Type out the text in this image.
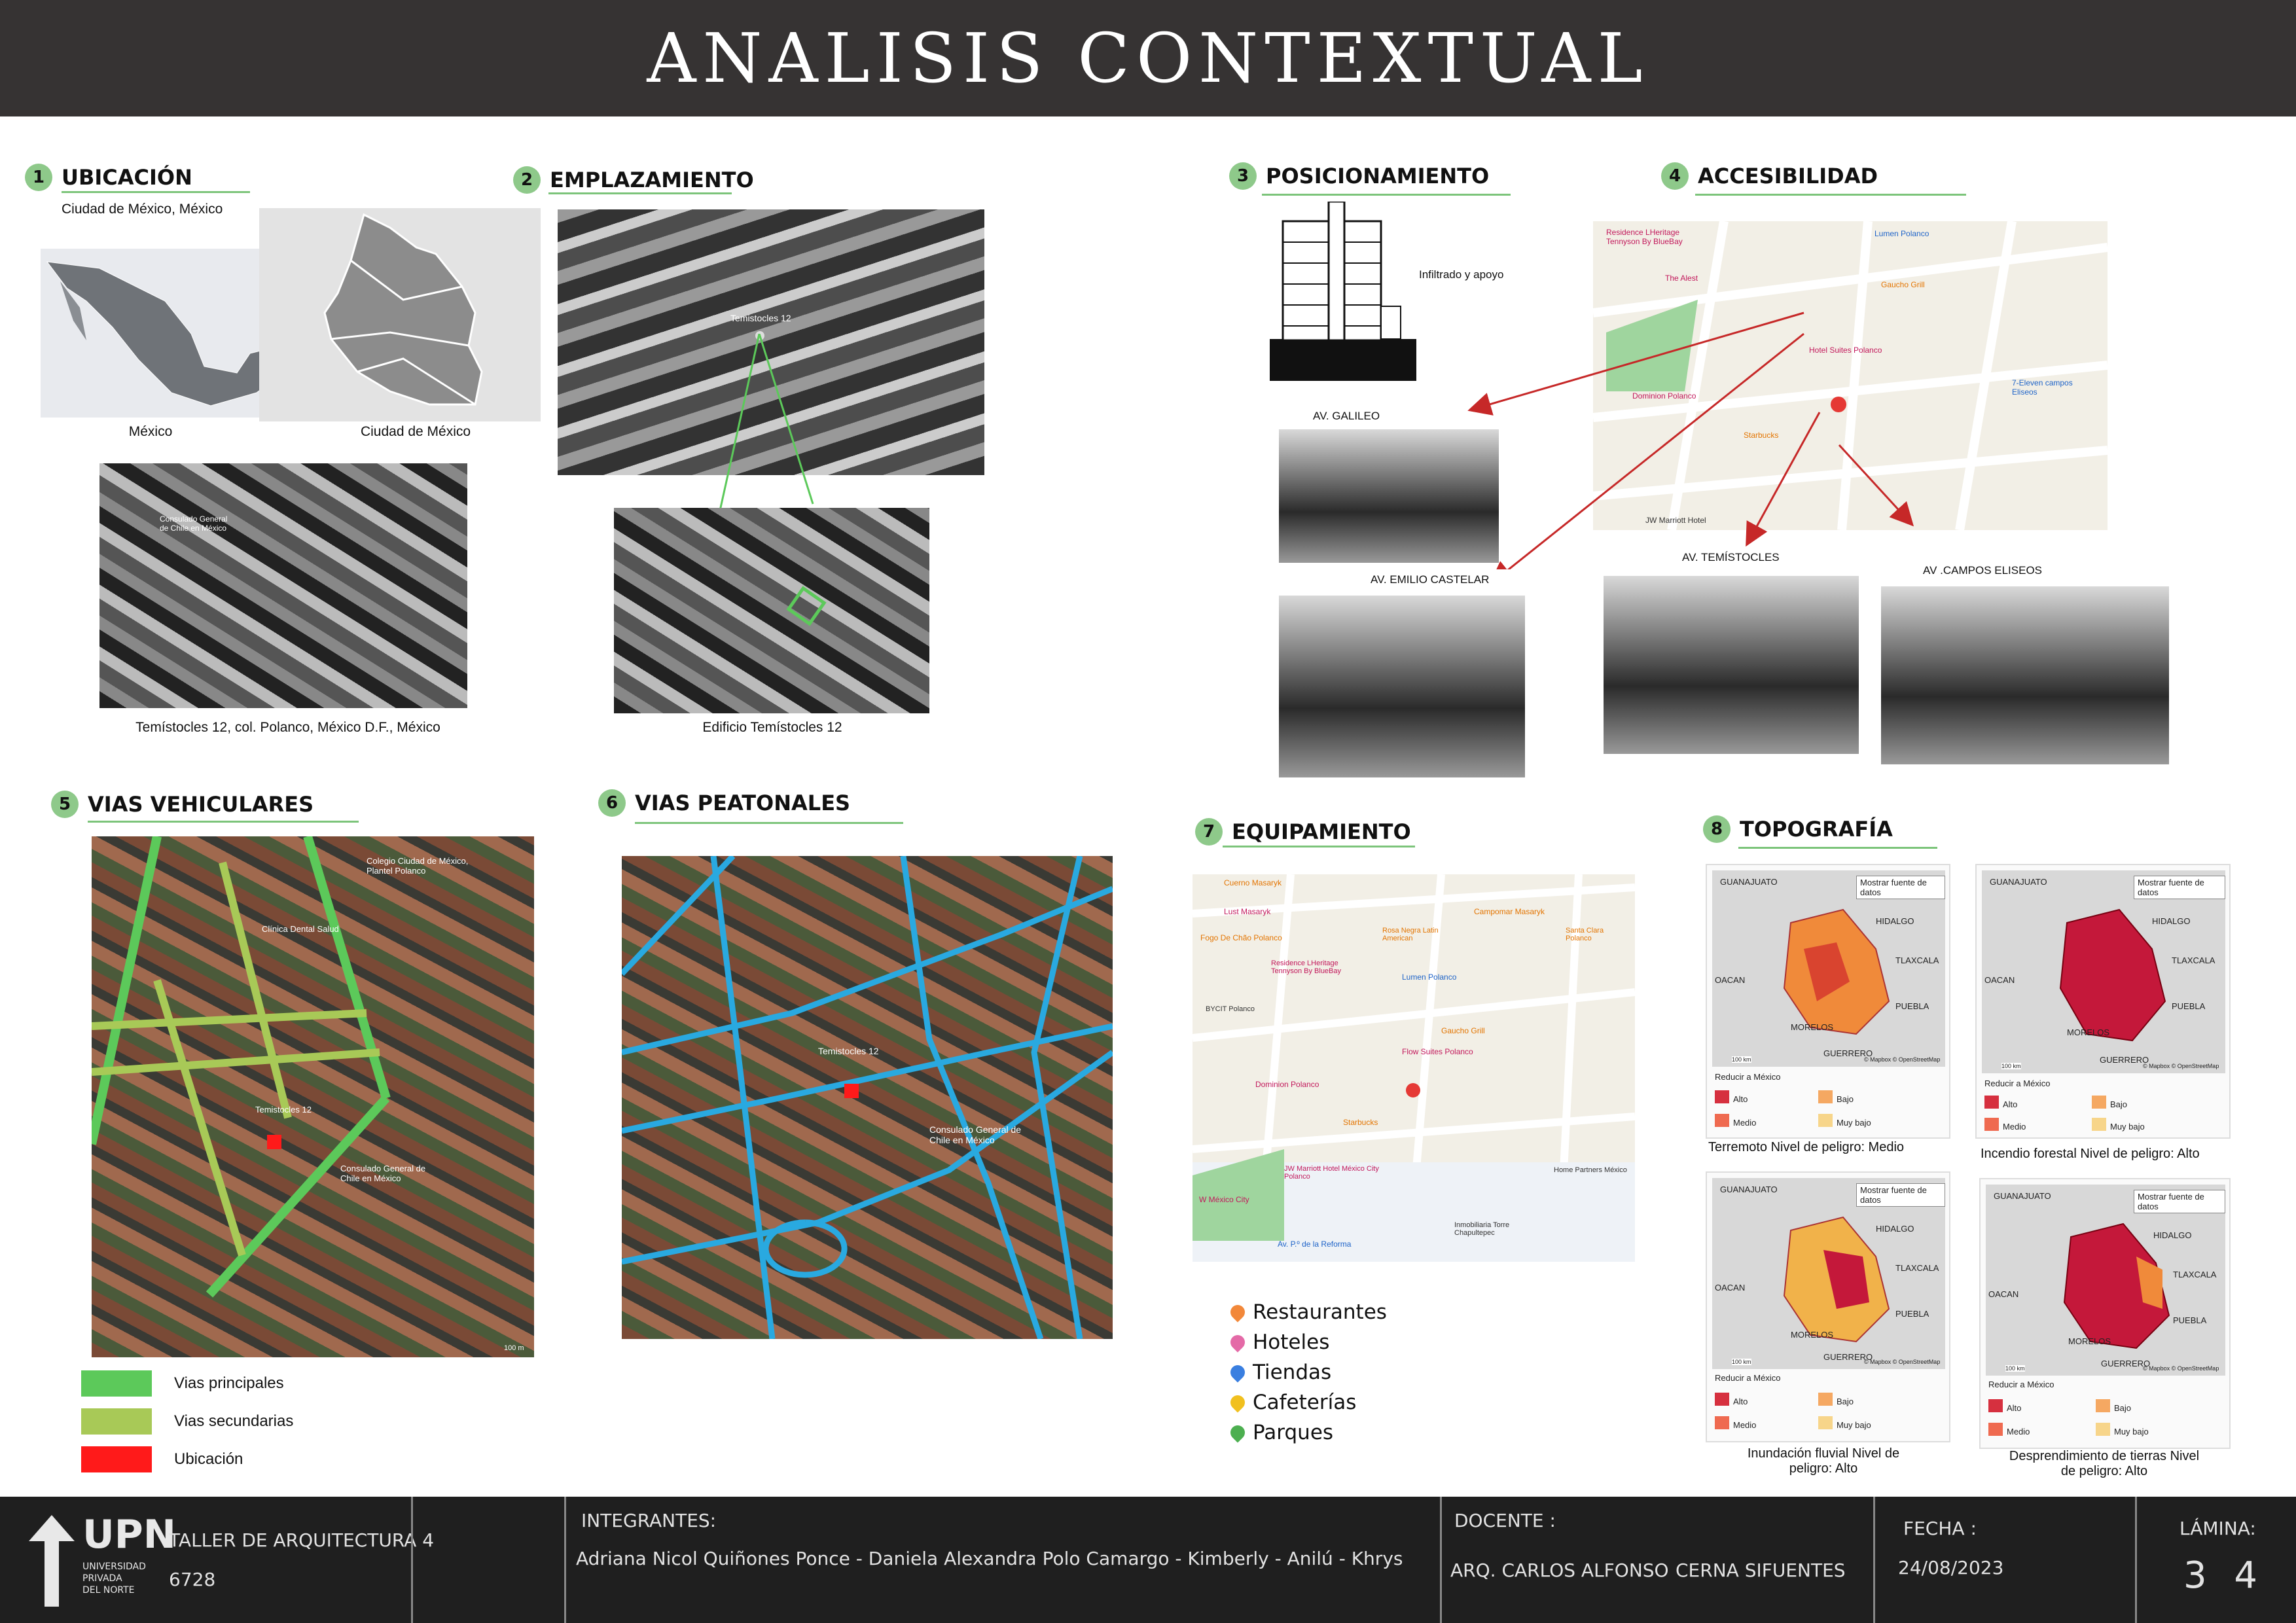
ANALISIS CONTEXTUAL
1 UBICACIÓN
Ciudad de México, México
México	Ciudad de México
Consulado General de Chile en México
Temístocles 12, col. Polanco, México D.F., México
2 EMPLAZAMIENTO
Temistocles 12
Edificio Temístocles 12
3 POSICIONAMIENTO
Infiltrado y apoyo
AV. GALILEO
AV. EMILIO CASTELAR
4 ACCESIBILIDAD
Residence LHeritage Tennyson By BlueBay
The Alest
Lumen Polanco
Gaucho Grill
Hotel Suites Polanco
Dominion Polanco
Starbucks
7-Eleven campos Eliseos
JW Marriott Hotel
AV. TEMÍSTOCLES
AV .CAMPOS ELISEOS
5 VIAS VEHICULARES
Colegio Ciudad de México, Plantel Polanco
Clínica Dental Salud
Temistocles 12
Consulado General de Chile en México
100 m
Vias principales
Vias secundarias
Ubicación
6 VIAS PEATONALES
Temistocles 12
Consulado General de Chile en México
7 EQUIPAMIENTO
Cuerno Masaryk
Lust Masaryk	Campomar Masaryk
Fogo De Chão Polanco
Residence LHeritage Tennyson By BlueBay
Rosa Negra Latin American
Santa Clara Polanco
BYCIT Polanco
Lumen Polanco
Gaucho Grill
Flow Suites Polanco
Dominion Polanco
Starbucks
JW Marriott Hotel México City Polanco
W México City
Home Partners México
Av. P.º de la Reforma
Inmobiliaria Torre Chapultepec
Restaurantes
Hoteles
Tiendas
Cafeterías
Parques
8 TOPOGRAFÍA
GUANAJUATO
HIDALGO
TLAXCALA
PUEBLA
MORELOS
GUERRERO
OACAN
Mostrar fuente de datos
100 km	© Mapbox © OpenStreetMap
Reducir a México
Alto	Bajo
Medio	Muy bajo
Terremoto Nivel de peligro: Medio
GUANAJUATO
HIDALGO
TLAXCALA
PUEBLA
MORELOS
GUERRERO
OACAN
Mostrar fuente de datos
100 km	© Mapbox © OpenStreetMap
Reducir a México
Alto	Bajo
Medio	Muy bajo
Incendio forestal Nivel de peligro: Alto
GUANAJUATO
HIDALGO
TLAXCALA
PUEBLA
MORELOS
GUERRERO
OACAN
Mostrar fuente de datos
100 km	© Mapbox © OpenStreetMap
Reducir a México
Alto	Bajo
Medio	Muy bajo
Inundación fluvial Nivel de peligro: Alto
GUANAJUATO
HIDALGO
TLAXCALA
PUEBLA
MORELOS
GUERRERO
OACAN
Mostrar fuente de datos
100 km	© Mapbox © OpenStreetMap
Reducir a México
Alto	Bajo
Medio	Muy bajo
Desprendimiento de tierras Nivel de peligro: Alto
UPN
UNIVERSIDAD PRIVADA DEL NORTE
TALLER DE ARQUITECTURA 4
6728
INTEGRANTES:
Adriana Nicol Quiñones Ponce - Daniela Alexandra Polo Camargo - Kimberly - Anilú - Khrys
DOCENTE :
ARQ. CARLOS ALFONSO CERNA SIFUENTES
FECHA :
24/08/2023
LÁMINA:
3 4
